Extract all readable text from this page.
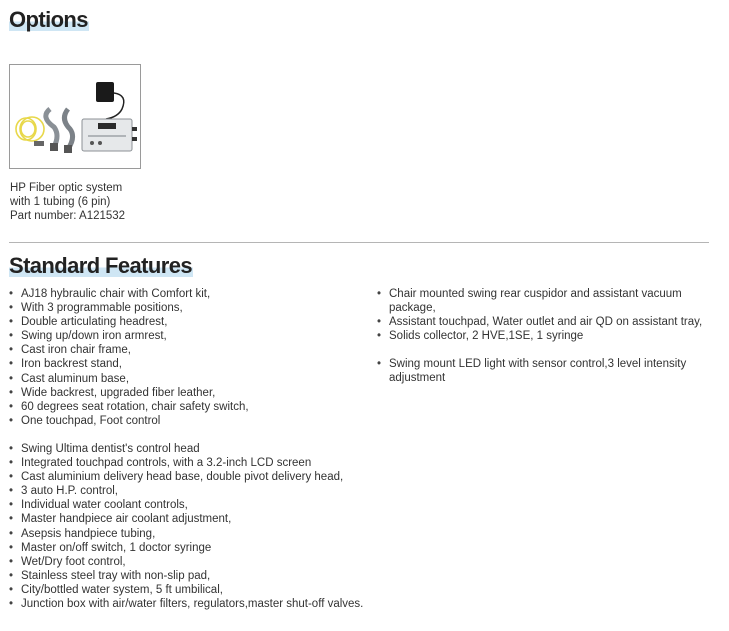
Options
HP Fiber optic system
with 1 tubing (6 pin)
Part number: A121532
Standard Features
• AJ18 hybraulic chair with Comfort kit,
• With 3 programmable positions,
• Double articulating headrest,
• Swing up/down iron armrest,
• Cast iron chair frame,
• Iron backrest stand,
• Cast aluminum base,
• Wide backrest, upgraded fiber leather,
• 60 degrees seat rotation, chair safety switch,
• One touchpad, Foot control
• Swing Ultima dentist's control head
• Integrated touchpad controls, with a 3.2-inch LCD screen
• Cast aluminium delivery head base, double pivot delivery head,
• 3 auto H.P. control,
• Individual water coolant controls,
• Master handpiece air coolant adjustment,
• Asepsis handpiece tubing,
• Master on/off switch, 1 doctor syringe
• Wet/Dry foot control,
• Stainless steel tray with non-slip pad,
• City/bottled water system, 5 ft umbilical,
• Junction box with air/water filters, regulators,master shut-off valves.
• Chair mounted swing rear cuspidor and assistant vacuum package,
• Assistant touchpad, Water outlet and air QD on assistant tray,
• Solids collector, 2 HVE,1SE, 1 syringe
• Swing mount LED light with sensor control,3 level intensity adjustment
